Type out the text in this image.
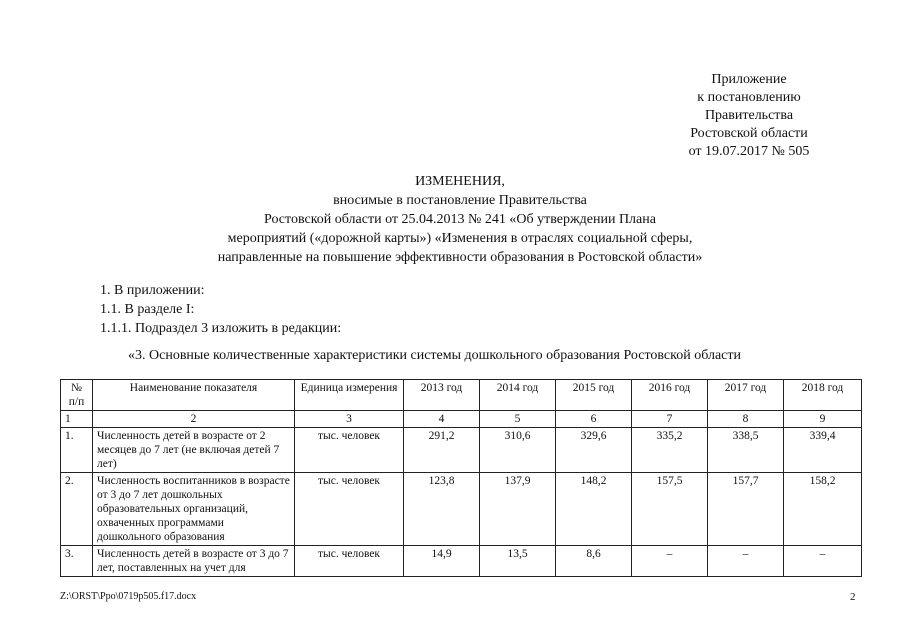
Приложение
к постановлению
Правительства
Ростовской области
от 19.07.2017 № 505
ИЗМЕНЕНИЯ,
вносимые в постановление Правительства
Ростовской области от 25.04.2013 № 241 «Об утверждении Плана
мероприятий («дорожной карты») «Изменения в отраслях социальной сферы,
направленные на повышение эффективности образования в Ростовской области»
1. В приложении:
1.1. В разделе I:
1.1.1. Подраздел 3 изложить в редакции:
«3. Основные количественные характеристики системы дошкольного образования Ростовской области
№ п/п	Наименование показателя	Единица измерения	2013 год	2014 год	2015 год	2016 год	2017 год	2018 год
1	2	3	4	5	6	7	8	9
1.	Численность детей в возрасте от 2 месяцев до 7 лет (не включая детей 7 лет)	тыс. человек	291,2	310,6	329,6	335,2	338,5	339,4
2.	Численность воспитанников в возрасте от 3 до 7 лет дошкольных образовательных организаций, охваченных программами дошкольного образования	тыс. человек	123,8	137,9	148,2	157,5	157,7	158,2
3.	Численность детей в возрасте от 3 до 7 лет, поставленных на учет для	тыс. человек	14,9	13,5	8,6	–	–	–
Z:\ORST\Ppo\0719p505.f17.docx	2
